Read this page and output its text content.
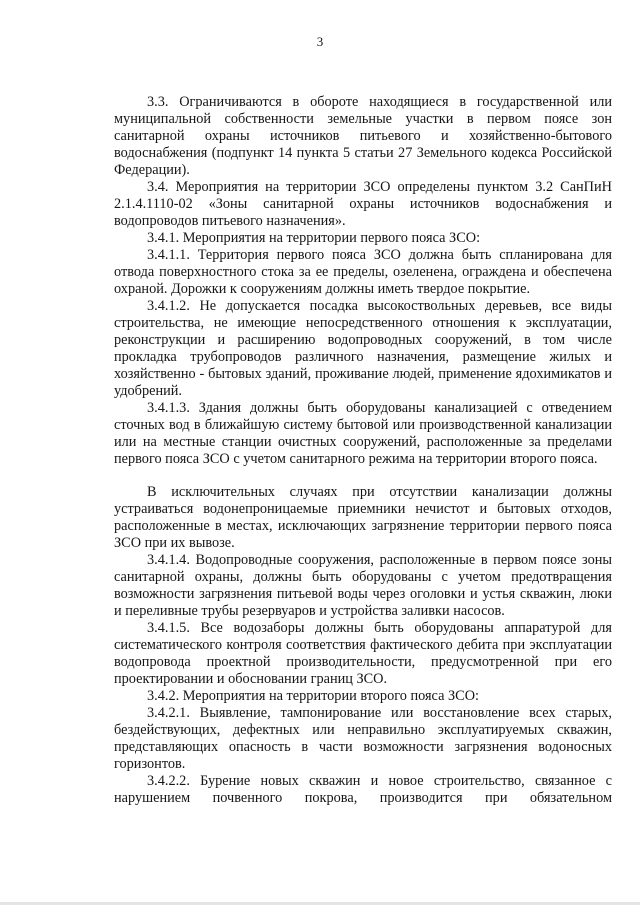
3

3.3. Ограничиваются в обороте находящиеся в государственной или муниципальной собственности земельные участки в первом поясе зон санитарной охраны источников питьевого и хозяйственно-бытового водоснабжения (подпункт 14 пункта 5 статьи 27 Земельного кодекса Российской Федерации).

3.4. Мероприятия на территории ЗСО определены пунктом 3.2 СанПиН 2.1.4.1110-02 «Зоны санитарной охраны источников водоснабжения и водопроводов питьевого назначения».

3.4.1. Мероприятия на территории первого пояса ЗСО:

3.4.1.1. Территория первого пояса ЗСО должна быть спланирована для отвода поверхностного стока за ее пределы, озеленена, ограждена и обеспечена охраной. Дорожки к сооружениям должны иметь твердое покрытие.

3.4.1.2. Не допускается посадка высокоствольных деревьев, все виды строительства, не имеющие непосредственного отношения к эксплуатации, реконструкции и расширению водопроводных сооружений, в том числе прокладка трубопроводов различного назначения, размещение жилых и хозяйственно - бытовых зданий, проживание людей, применение ядохимикатов и удобрений.

3.4.1.3. Здания должны быть оборудованы канализацией с отведением сточных вод в ближайшую систему бытовой или производственной канализации или на местные станции очистных сооружений, расположенные за пределами первого пояса ЗСО с учетом санитарного режима на территории второго пояса.

В исключительных случаях при отсутствии канализации должны устраиваться водонепроницаемые приемники нечистот и бытовых отходов, расположенные в местах, исключающих загрязнение территории первого пояса ЗСО при их вывозе.

3.4.1.4. Водопроводные сооружения, расположенные в первом поясе зоны санитарной охраны, должны быть оборудованы с учетом предотвращения возможности загрязнения питьевой воды через оголовки и устья скважин, люки и переливные трубы резервуаров и устройства заливки насосов.

3.4.1.5. Все водозаборы должны быть оборудованы аппаратурой для систематического контроля соответствия фактического дебита при эксплуатации водопровода проектной производительности, предусмотренной при его проектировании и обосновании границ ЗСО.

3.4.2. Мероприятия на территории второго пояса ЗСО:

3.4.2.1. Выявление, тампонирование или восстановление всех старых, бездействующих, дефектных или неправильно эксплуатируемых скважин, представляющих опасность в части возможности загрязнения водоносных горизонтов.

3.4.2.2. Бурение новых скважин и новое строительство, связанное с нарушением почвенного покрова, производится при обязательном
